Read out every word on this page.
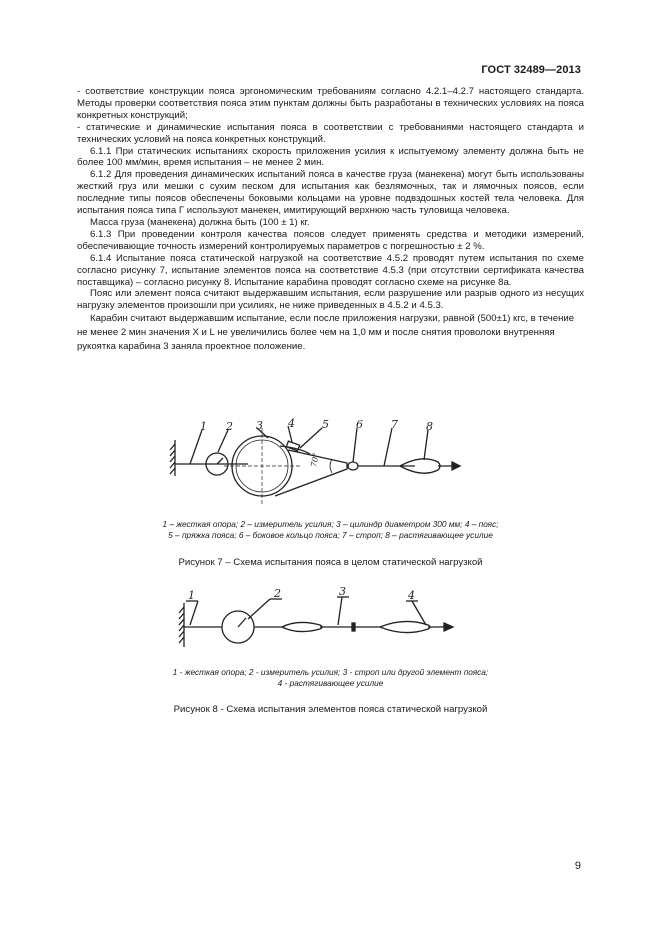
ГОСТ 32489—2013

- соответствие конструкции пояса эргономическим требованиям согласно 4.2.1–4.2.7 настоящего стандарта. Методы проверки соответствия пояса этим пунктам должны быть разработаны в технических условиях на пояса конкретных конструкций;

- статические и динамические испытания пояса в соответствии с требованиями настоящего стандарта и технических условий на пояса конкретных конструкций.

6.1.1 При статических испытаниях скорость приложения усилия к испытуемому элементу должна быть не более 100 мм/мин, время испытания – не менее 2 мин.

6.1.2 Для проведения динамических испытаний пояса в качестве груза (манекена) могут быть использованы жесткий груз или мешки с сухим песком для испытания как безлямочных, так и лямочных поясов, если последние типы поясов обеспечены боковыми кольцами на уровне подвздошных костей тела человека. Для испытания пояса типа Г используют манекен, имитирующий верхнюю часть туловища человека.

Масса груза (манекена) должна быть (100 ± 1) кг.

6.1.3 При проведении контроля качества поясов следует применять средства и методики измерений, обеспечивающие точность измерений контролируемых параметров с погрешностью ± 2 %.

6.1.4 Испытание пояса статической нагрузкой на соответствие 4.5.2 проводят путем испытания по схеме согласно рисунку 7, испытание элементов пояса на соответствие 4.5.3 (при отсутствии сертификата качества поставщика) – согласно рисунку 8. Испытание карабина проводят согласно схеме на рисунке 8а.

Пояс или элемент пояса считают выдержавшим испытания, если разрушение или разрыв одного из несущих нагрузку элементов произошли при усилиях, не ниже приведенных в 4.5.2 и 4.5.3.

Карабин считают выдержавшим испытание, если после приложения нагрузки, равной (500±1) кгс, в течение не менее 2 мин значения X и L не увеличились более чем на 1,0 мм и после снятия проволоки внутренняя рукоятка карабина 3 заняла проектное положение.

1 2 3 4 5 6	7	8
70°
1 – жесткая опора; 2 – измеритель усилия; 3 – цилиндр диаметром 300 мм; 4 – пояс;
5 – пряжка пояса; 6 – боковое кольцо пояса; 7 – строп; 8 – растягивающее усилие
Рисунок 7 – Схема испытания пояса в целом статической нагрузкой
1	2	3	4
1 - жесткая опора; 2 - измеритель усилия; 3 - строп или другой элемент пояса;
4 - растягивающее усилие
Рисунок 8 - Схема испытания элементов пояса статической нагрузкой
9
